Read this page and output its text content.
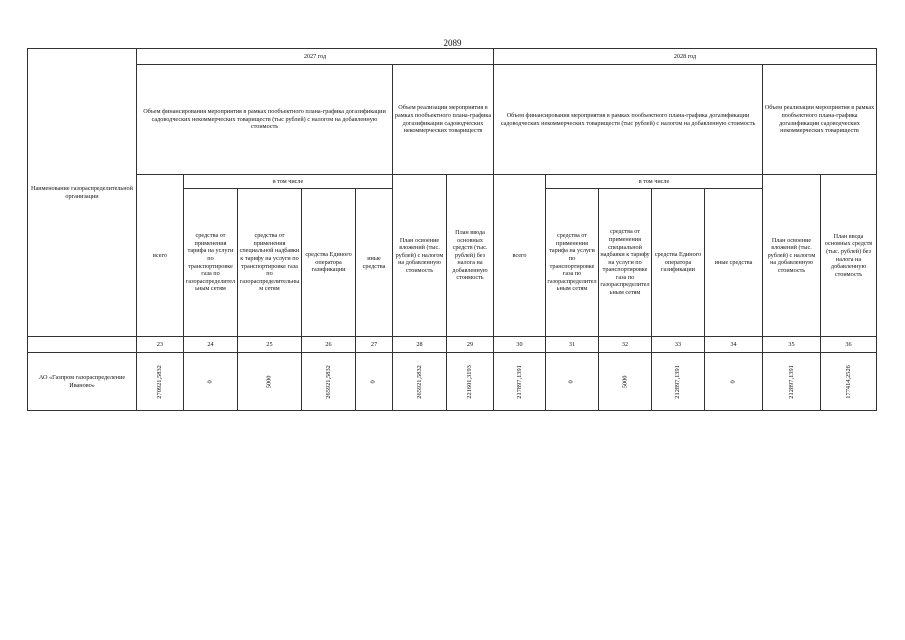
2089
Наименование газораспределительной организации	2027 год							2028 год						
	Объем финансирования мероприятия в рамках пообъектного плана-графика догазификации садоводческих некоммерческих товариществ (тыс рублей) с налогом на добавленную стоимость					Объем реализации мероприятия в рамках пообъектного плана-графика догазификации садоводческих некоммерческих товариществ		Объем финансирования мероприятия в рамках пообъектного плана-графика догазификации садоводческих некоммерческих товариществ (тыс рублей) с налогом на добавленную стоимость					Объем реализации мероприятия в рамках пообъектного плана-графика догазификации садоводческих некоммерческих товариществ	
	всего	в том числе				План освоение вложений (тыс. рублей) с налогом на добавленную стоимость	План ввода основных средств (тыс. рублей) без налога на добавленную стоимость	всего	в том числе				План освоение вложений (тыс. рублей) с налогом на добавленную стоимость	План ввода основных средств (тыс. рублей) без налога на добавленную стоимость
		средства от применения тарифа на услуги по транспортировке газа по газораспределительным сетям	средства от применения специальной надбавки к тарифу на услуги по транспортировке газа по газораспределительным сетям	средства Единого оператора газификации	иные средства				средства от применения тарифа на услуги по транспортировке газа по газораспределительным сетям	средства от применения специальной надбавки к тарифу на услуги по транспортировке газа по газораспределительным сетям	средства Единого оператора газификации	иные средства		
	23	24	25	26	27	28	29	30	31	32	33	34	35	36
АО «Газпром газораспределение Иваново»	270921,5832	0	5000	265921,5832	0	265921,5832	221601,3193	217897,1391	0	5000	212897,1391	0	212897,1391	177414,2526
